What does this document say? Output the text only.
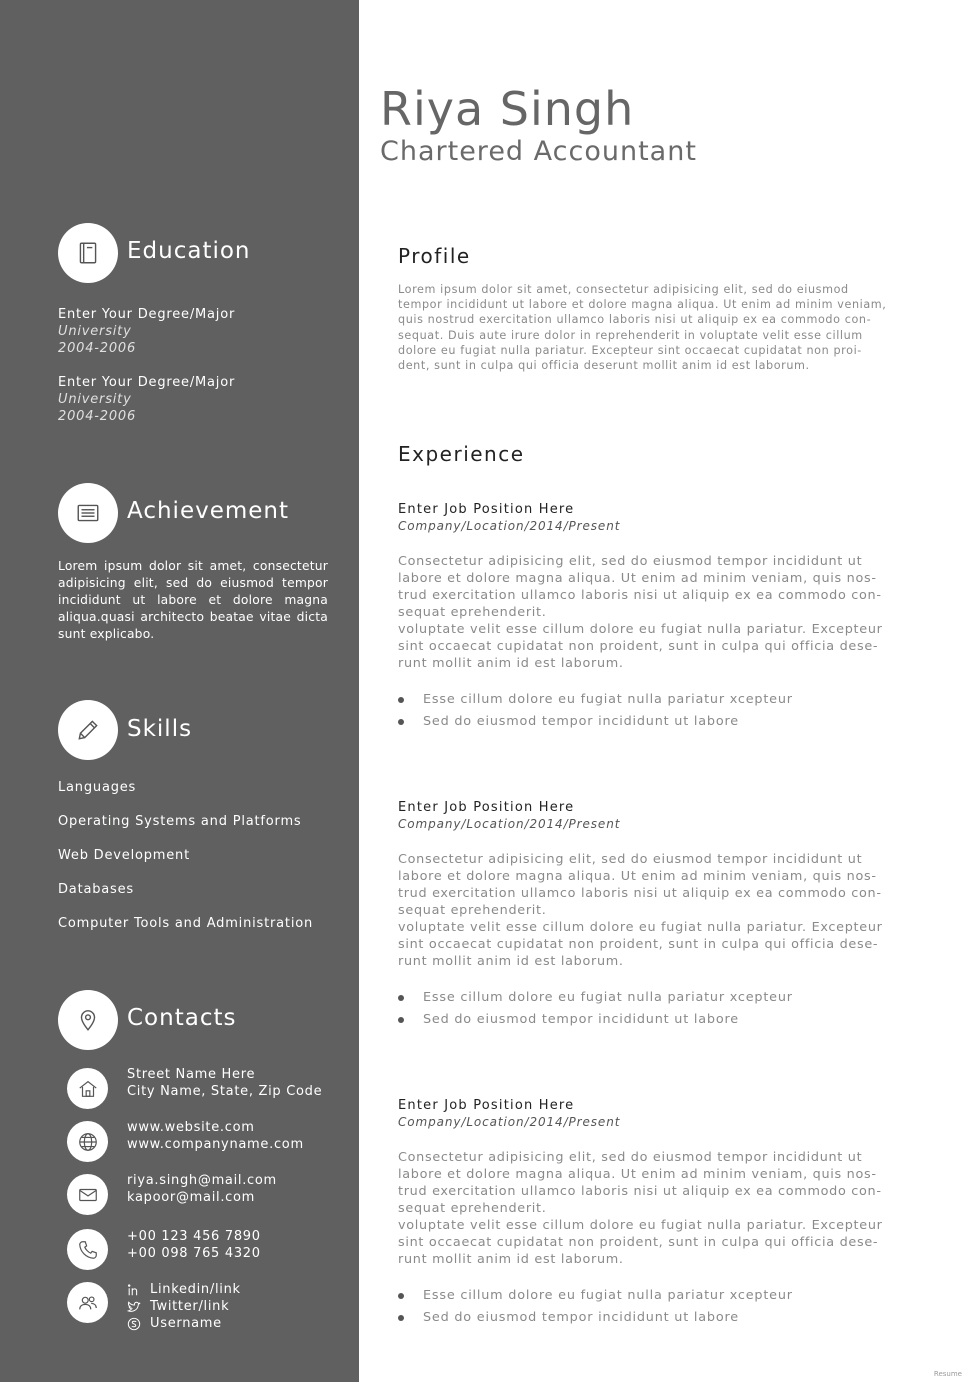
Riya Singh
Chartered Accountant
Education
Enter Your Degree/Major
University
2004-2006
Enter Your Degree/Major
University
2004-2006
Achievement
Lorem ipsum dolor sit amet, consectetur adipisicing elit, sed do eiusmod tempor incididunt ut labore et dolore magna aliqua.quasi architecto beatae vitae dicta sunt explicabo.
Skills
Languages
Operating Systems and Platforms
Web Development
Databases
Computer Tools and Administration
Contacts
Street Name Here
City Name, State, Zip Code
www.website.com
www.companyname.com
riya.singh@mail.com
kapoor@mail.com
+00 123 456 7890
+00 098 765 4320
Linkedin/link
Twitter/link
Username
Profile
Lorem ipsum dolor sit amet, consectetur adipisicing elit, sed do eiusmod
tempor incididunt ut labore et dolore magna aliqua. Ut enim ad minim veniam,
quis nostrud exercitation ullamco laboris nisi ut aliquip ex ea commodo con-
sequat. Duis aute irure dolor in reprehenderit in voluptate velit esse cillum
dolore eu fugiat nulla pariatur. Excepteur sint occaecat cupidatat non proi-
dent, sunt in culpa qui officia deserunt mollit anim id est laborum.
Experience
Enter Job Position Here
Company/Location/2014/Present
Consectetur adipisicing elit, sed do eiusmod tempor incididunt ut
labore et dolore magna aliqua. Ut enim ad minim veniam, quis nos-
trud exercitation ullamco laboris nisi ut aliquip ex ea commodo con-
sequat eprehenderit.
voluptate velit esse cillum dolore eu fugiat nulla pariatur. Excepteur
sint occaecat cupidatat non proident, sunt in culpa qui officia dese-
runt mollit anim id est laborum.
Esse cillum dolore eu fugiat nulla pariatur xcepteur
Sed do eiusmod tempor incididunt ut labore
Enter Job Position Here
Company/Location/2014/Present
Consectetur adipisicing elit, sed do eiusmod tempor incididunt ut
labore et dolore magna aliqua. Ut enim ad minim veniam, quis nos-
trud exercitation ullamco laboris nisi ut aliquip ex ea commodo con-
sequat eprehenderit.
voluptate velit esse cillum dolore eu fugiat nulla pariatur. Excepteur
sint occaecat cupidatat non proident, sunt in culpa qui officia dese-
runt mollit anim id est laborum.
Esse cillum dolore eu fugiat nulla pariatur xcepteur
Sed do eiusmod tempor incididunt ut labore
Enter Job Position Here
Company/Location/2014/Present
Consectetur adipisicing elit, sed do eiusmod tempor incididunt ut
labore et dolore magna aliqua. Ut enim ad minim veniam, quis nos-
trud exercitation ullamco laboris nisi ut aliquip ex ea commodo con-
sequat eprehenderit.
voluptate velit esse cillum dolore eu fugiat nulla pariatur. Excepteur
sint occaecat cupidatat non proident, sunt in culpa qui officia dese-
runt mollit anim id est laborum.
Esse cillum dolore eu fugiat nulla pariatur xcepteur
Sed do eiusmod tempor incididunt ut labore
Resume
